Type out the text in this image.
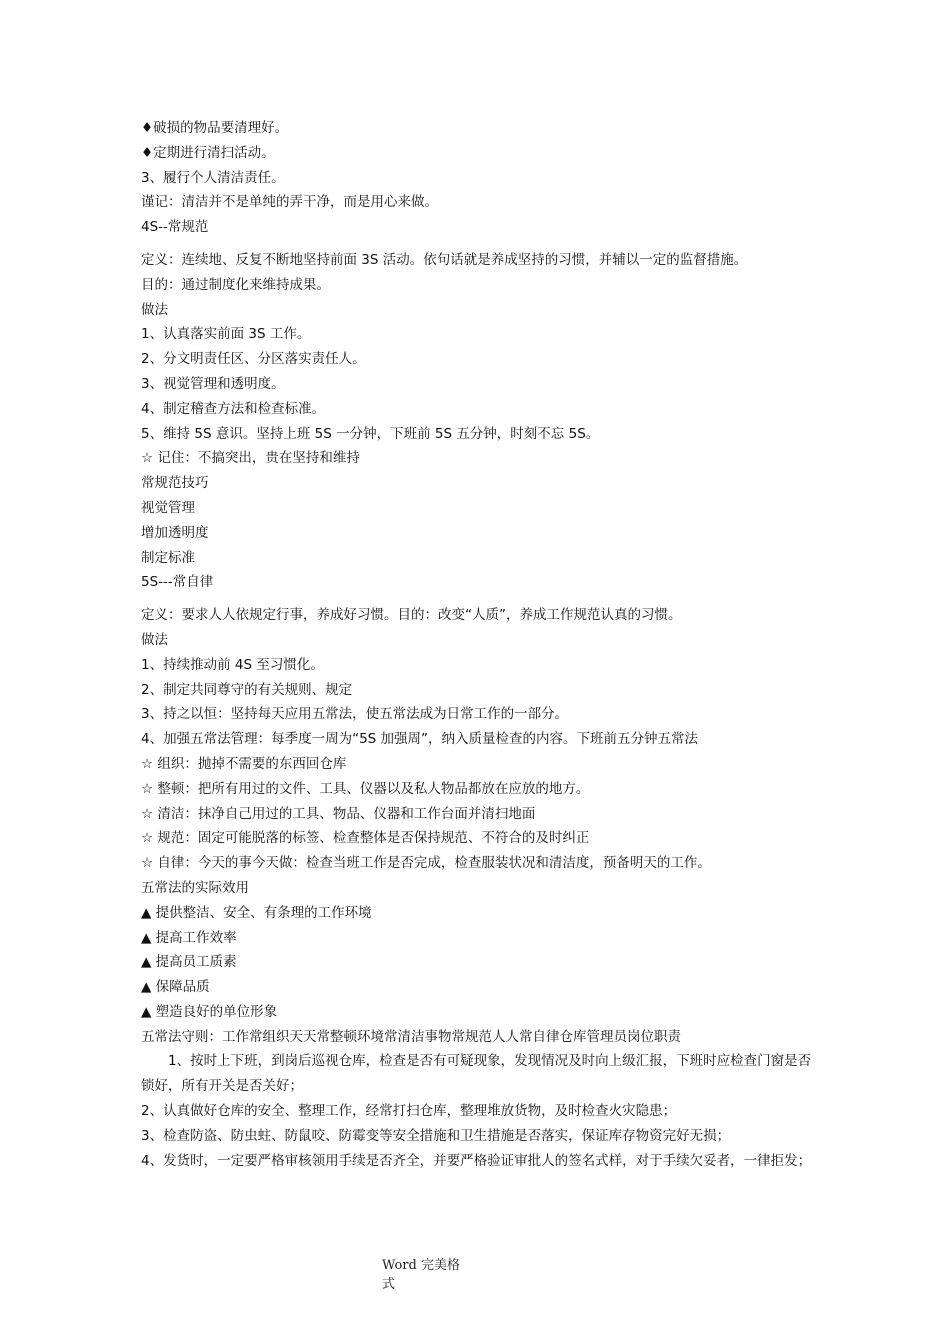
♦破损的物品要清理好。
♦定期进行清扫活动。
3、履行个人清洁责任。
谨记：清洁并不是单纯的弄干净，而是用心来做。
4S--常规范
定义：连续地、反复不断地坚持前面 3S 活动。依句话就是养成坚持的习惯，并辅以一定的监督措施。
目的：通过制度化来维持成果。
做法
1、认真落实前面 3S 工作。
2、分文明责任区、分区落实责任人。
3、视觉管理和透明度。
4、制定稽查方法和检查标准。
5、维持 5S 意识。坚持上班 5S 一分钟，下班前 5S 五分钟，时刻不忘 5S。
☆ 记住：不搞突出，贵在坚持和维持
常规范技巧
视觉管理
增加透明度
制定标准
5S---常自律
定义：要求人人依规定行事，养成好习惯。目的：改变“人质”，养成工作规范认真的习惯。
做法
1、持续推动前 4S 至习惯化。
2、制定共同尊守的有关规则、规定
3、持之以恒：坚持每天应用五常法，使五常法成为日常工作的一部分。
4、加强五常法管理：每季度一周为“5S 加强周”，纳入质量检查的内容。下班前五分钟五常法
☆ 组织：抛掉不需要的东西回仓库
☆ 整顿：把所有用过的文件、工具、仪器以及私人物品都放在应放的地方。
☆ 清洁：抹净自己用过的工具、物品、仪器和工作台面并清扫地面
☆ 规范：固定可能脱落的标签、检查整体是否保持规范、不符合的及时纠正
☆ 自律：今天的事今天做：检查当班工作是否完成，检查服装状况和清洁度，预备明天的工作。
五常法的实际效用
▲ 提供整洁、安全、有条理的工作环境
▲ 提高工作效率
▲ 提高员工质素
▲ 保障品质
▲ 塑造良好的单位形象
五常法守则：工作常组织天天常整顿环境常清洁事物常规范人人常自律仓库管理员岗位职责
1、按时上下班，到岗后巡视仓库，检查是否有可疑现象，发现情况及时向上级汇报，下班时应检查门窗是否锁好，所有开关是否关好；
2、认真做好仓库的安全、整理工作，经常打扫仓库，整理堆放货物，及时检查火灾隐患；
3、检查防盗、防虫蛀、防鼠咬、防霉变等安全措施和卫生措施是否落实，保证库存物资完好无损；
4、发货时，一定要严格审核领用手续是否齐全，并要严格验证审批人的签名式样，对于手续欠妥者，一律拒发；
Word 完美格
式
